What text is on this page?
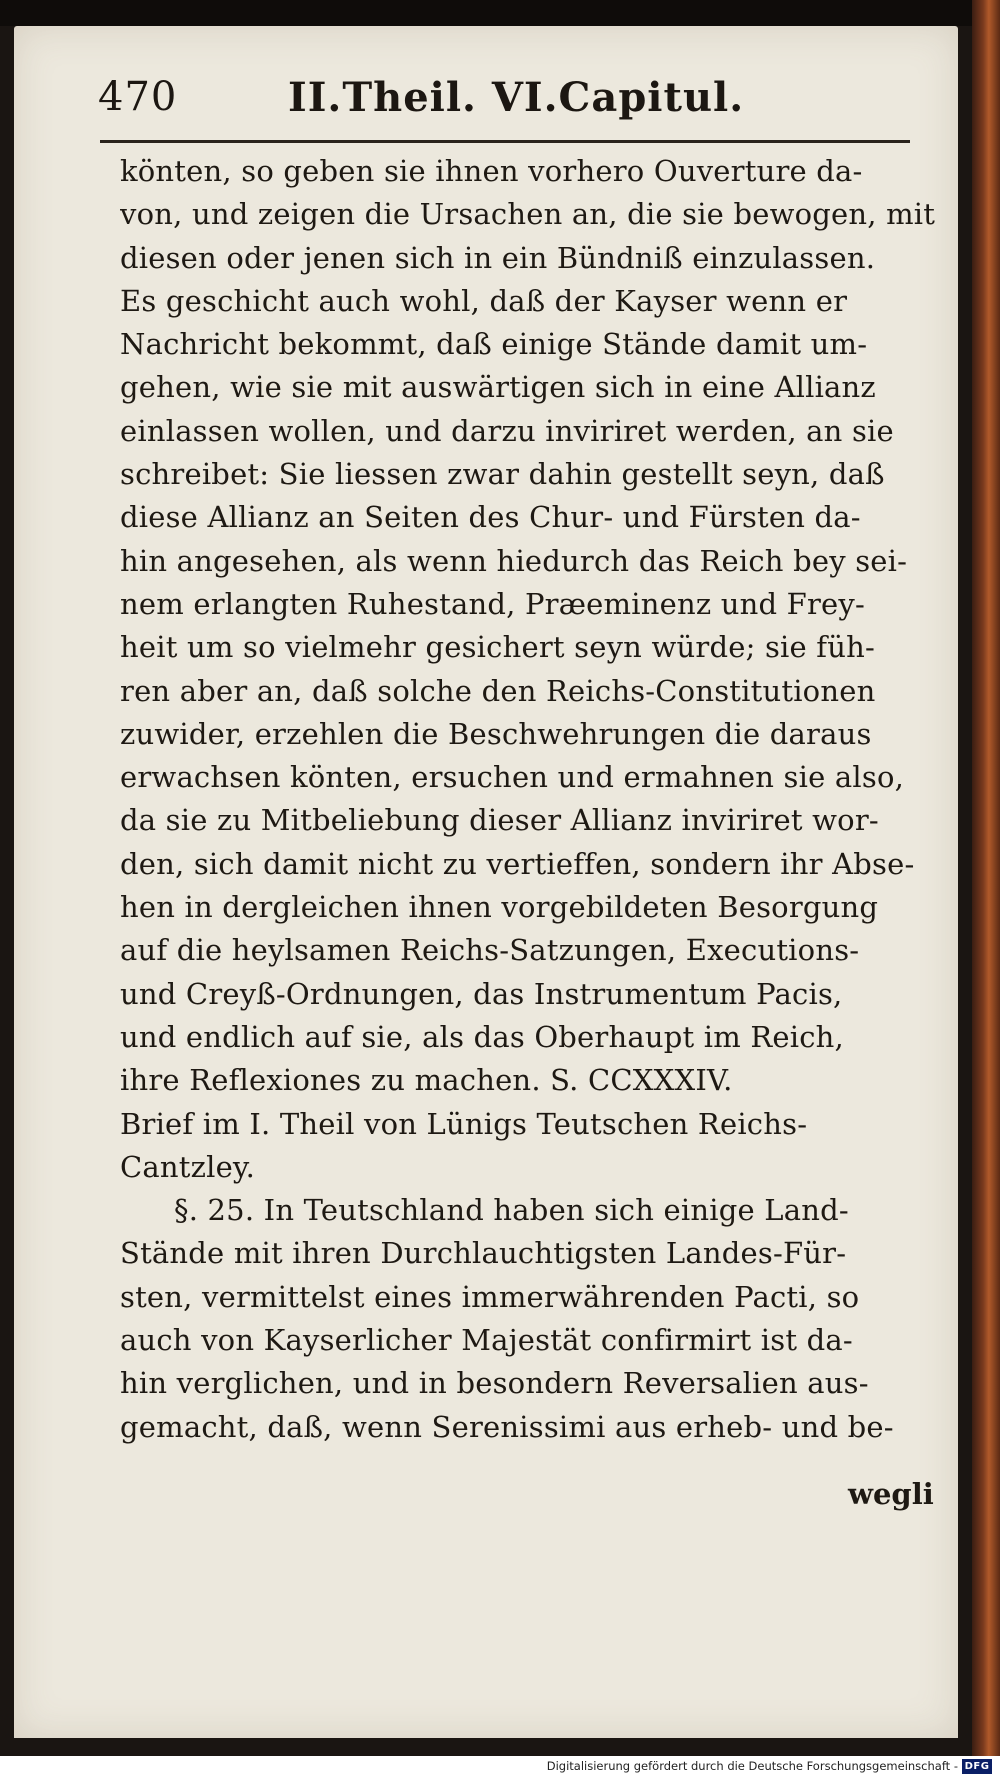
470	II.Theil. VI.Capitul.
könten, so geben sie ihnen vorhero Ouverture da-
von, und zeigen die Ursachen an, die sie bewogen, mit
diesen oder jenen sich in ein Bündniß einzulassen.
Es geschicht auch wohl, daß der Kayser wenn er
Nachricht bekommt, daß einige Stände damit um-
gehen, wie sie mit auswärtigen sich in eine Allianz
einlassen wollen, und darzu inviriret werden, an sie
schreibet: Sie liessen zwar dahin gestellt seyn, daß
diese Allianz an Seiten des Chur- und Fürsten da-
hin angesehen, als wenn hiedurch das Reich bey sei-
nem erlangten Ruhestand, Præeminenz und Frey-
heit um so vielmehr gesichert seyn würde; sie füh-
ren aber an, daß solche den Reichs-Constitutionen
zuwider, erzehlen die Beschwehrungen die daraus
erwachsen könten, ersuchen und ermahnen sie also,
da sie zu Mitbeliebung dieser Allianz inviriret wor-
den, sich damit nicht zu vertieffen, sondern ihr Abse-
hen in dergleichen ihnen vorgebildeten Besorgung
auf die heylsamen Reichs-Satzungen, Executions-
und Creyß-Ordnungen, das Instrumentum Pacis,
und endlich auf sie, als das Oberhaupt im Reich,
ihre Reflexiones zu machen. S. CCXXXIV.
Brief im I. Theil von Lünigs Teutschen Reichs-
Cantzley.
§. 25. In Teutschland haben sich einige Land-
Stände mit ihren Durchlauchtigsten Landes-Für-
sten, vermittelst eines immerwährenden Pacti, so
auch von Kayserlicher Majestät confirmirt ist da-
hin verglichen, und in besondern Reversalien aus-
gemacht, daß, wenn Serenissimi aus erheb- und be-
wegli
Digitalisierung gefördert durch die Deutsche Forschungsgemeinschaft - DFG
